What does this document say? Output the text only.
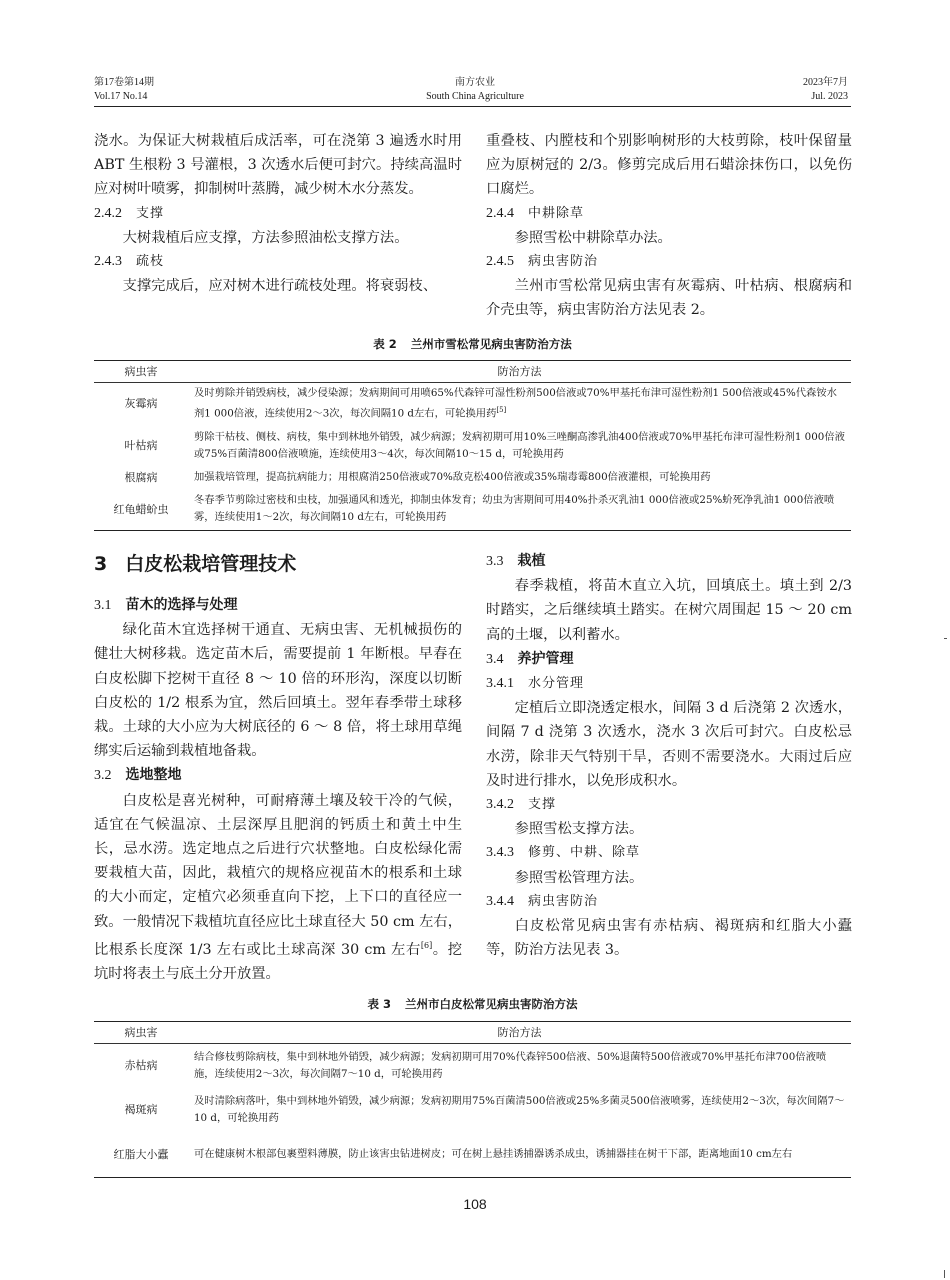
第17卷第14期
Vol.17 No.14
南方农业
South China Agriculture
2023年7月
Jul. 2023

浇水。为保证大树栽植后成活率，可在浇第 3 遍透水时用 ABT 生根粉 3 号灌根，3 次透水后便可封穴。持续高温时应对树叶喷雾，抑制树叶蒸腾，减少树木水分蒸发。

2.4.2 支撑

大树栽植后应支撑，方法参照油松支撑方法。

2.4.3 疏枝

支撑完成后，应对树木进行疏枝处理。将衰弱枝、

重叠枝、内膛枝和个别影响树形的大枝剪除，枝叶保留量应为原树冠的 2/3。修剪完成后用石蜡涂抹伤口，以免伤口腐烂。

2.4.4 中耕除草

参照雪松中耕除草办法。

2.4.5 病虫害防治

兰州市雪松常见病虫害有灰霉病、叶枯病、根腐病和介壳虫等，病虫害防治方法见表 2。

表 2 兰州市雪松常见病虫害防治方法
病虫害	防治方法
灰霉病	及时剪除并销毁病枝，减少侵染源；发病期间可用喷65%代森锌可湿性粉剂500倍液或70%甲基托布津可湿性粉剂1 500倍液或45%代森铵水剂1 000倍液，连续使用2～3次，每次间隔10 d左右，可轮换用药[5]
叶枯病	剪除干枯枝、侧枝、病枝，集中到林地外销毁，减少病源；发病初期可用10%三唑酮高渗乳油400倍液或70%甲基托布津可湿性粉剂1 000倍液或75%百菌清800倍液喷施，连续使用3～4次，每次间隔10～15 d，可轮换用药
根腐病	加强栽培管理，提高抗病能力；用根腐消250倍液或70%敌克松400倍液或35%瑞毒霉800倍液灌根，可轮换用药
红龟蜡蚧虫	冬春季节剪除过密枝和虫枝，加强通风和透光，抑制虫体发育；幼虫为害期间可用40%扑杀灭乳油1 000倍液或25%蚧死净乳油1 000倍液喷雾，连续使用1～2次，每次间隔10 d左右，可轮换用药
3 白皮松栽培管理技术

3.1 苗木的选择与处理

绿化苗木宜选择树干通直、无病虫害、无机械损伤的健壮大树移栽。选定苗木后，需要提前 1 年断根。早春在白皮松脚下挖树干直径 8 ～ 10 倍的环形沟，深度以切断白皮松的 1/2 根系为宜，然后回填土。翌年春季带土球移栽。土球的大小应为大树底径的 6 ～ 8 倍，将土球用草绳绑实后运输到栽植地备栽。

3.2 选地整地

白皮松是喜光树种，可耐瘠薄土壤及较干冷的气候，适宜在气候温凉、土层深厚且肥润的钙质土和黄土中生长，忌水涝。选定地点之后进行穴状整地。白皮松绿化需要栽植大苗，因此，栽植穴的规格应视苗木的根系和土球的大小而定，定植穴必须垂直向下挖，上下口的直径应一致。一般情况下栽植坑直径应比土球直径大 50 cm 左右，比根系长度深 1/3 左右或比土球高深 30 cm 左右[6]。挖坑时将表土与底土分开放置。

3.3 栽植

春季栽植，将苗木直立入坑，回填底土。填土到 2/3 时踏实，之后继续填土踏实。在树穴周围起 15 ～ 20 cm 高的土堰，以利蓄水。

3.4 养护管理

3.4.1 水分管理

定植后立即浇透定根水，间隔 3 d 后浇第 2 次透水，间隔 7 d 浇第 3 次透水，浇水 3 次后可封穴。白皮松忌水涝，除非天气特别干旱，否则不需要浇水。大雨过后应及时进行排水，以免形成积水。

3.4.2 支撑

参照雪松支撑方法。

3.4.3 修剪、中耕、除草

参照雪松管理方法。

3.4.4 病虫害防治

白皮松常见病虫害有赤枯病、褐斑病和红脂大小蠹等，防治方法见表 3。

表 3 兰州市白皮松常见病虫害防治方法
病虫害	防治方法
赤枯病	结合修枝剪除病枝，集中到林地外销毁，减少病源；发病初期可用70%代森锌500倍液、50%退菌特500倍液或70%甲基托布津700倍液喷施，连续使用2～3次，每次间隔7～10 d，可轮换用药
褐斑病	及时清除病落叶，集中到林地外销毁，减少病源；发病初期用75%百菌清500倍液或25%多菌灵500倍液喷雾，连续使用2～3次，每次间隔7～10 d，可轮换用药
红脂大小蠹	可在健康树木根部包裹塑料薄膜，防止该害虫钻进树皮；可在树上悬挂诱捕器诱杀成虫，诱捕器挂在树干下部，距离地面10 cm左右
108
